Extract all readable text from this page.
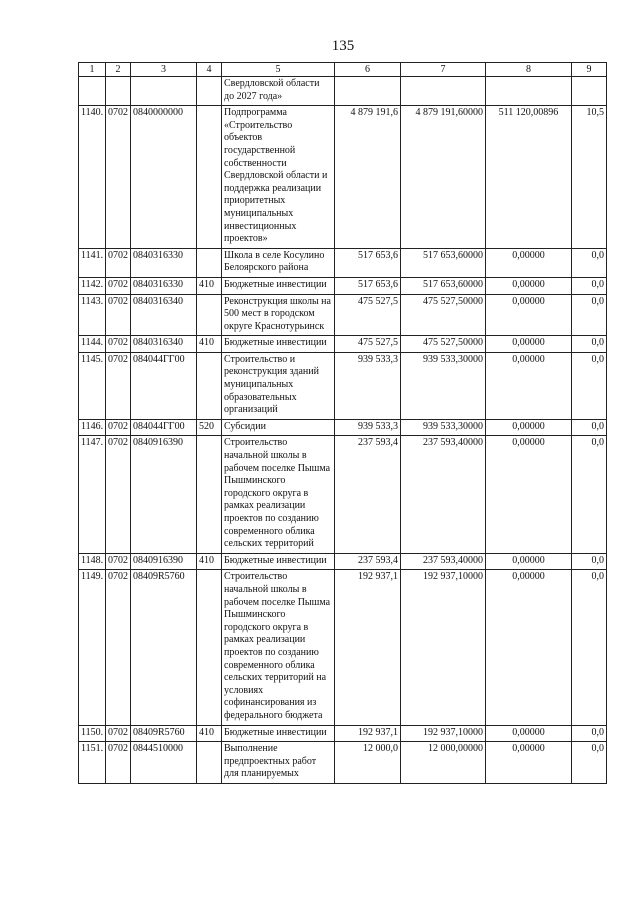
135
1	2	3	4	5	6	7	8	9
				Свердловской области до 2027 года»				
1140.	0702	0840000000		Подпрограмма «Строительство объектов государственной собственности Свердловской области и поддержка реализации приоритетных муниципальных инвестиционных проектов»	4 879 191,6	4 879 191,60000	511 120,00896	10,5
1141.	0702	0840316330		Школа в селе Косулино Белоярского района	517 653,6	517 653,60000	0,00000	0,0
1142.	0702	0840316330	410	Бюджетные инвестиции	517 653,6	517 653,60000	0,00000	0,0
1143.	0702	0840316340		Реконструкция школы на 500 мест в городском округе Краснотурьинск	475 527,5	475 527,50000	0,00000	0,0
1144.	0702	0840316340	410	Бюджетные инвестиции	475 527,5	475 527,50000	0,00000	0,0
1145.	0702	084044ГГ00		Строительство и реконструкция зданий муниципальных образовательных организаций	939 533,3	939 533,30000	0,00000	0,0
1146.	0702	084044ГГ00	520	Субсидии	939 533,3	939 533,30000	0,00000	0,0
1147.	0702	0840916390		Строительство начальной школы в рабочем поселке Пышма Пышминского городского округа в рамках реализации проектов по созданию современного облика сельских территорий	237 593,4	237 593,40000	0,00000	0,0
1148.	0702	0840916390	410	Бюджетные инвестиции	237 593,4	237 593,40000	0,00000	0,0
1149.	0702	08409R5760		Строительство начальной школы в рабочем поселке Пышма Пышминского городского округа в рамках реализации проектов по созданию современного облика сельских территорий на условиях софинансирования из федерального бюджета	192 937,1	192 937,10000	0,00000	0,0
1150.	0702	08409R5760	410	Бюджетные инвестиции	192 937,1	192 937,10000	0,00000	0,0
1151.	0702	0844510000		Выполнение предпроектных работ для планируемых	12 000,0	12 000,00000	0,00000	0,0
